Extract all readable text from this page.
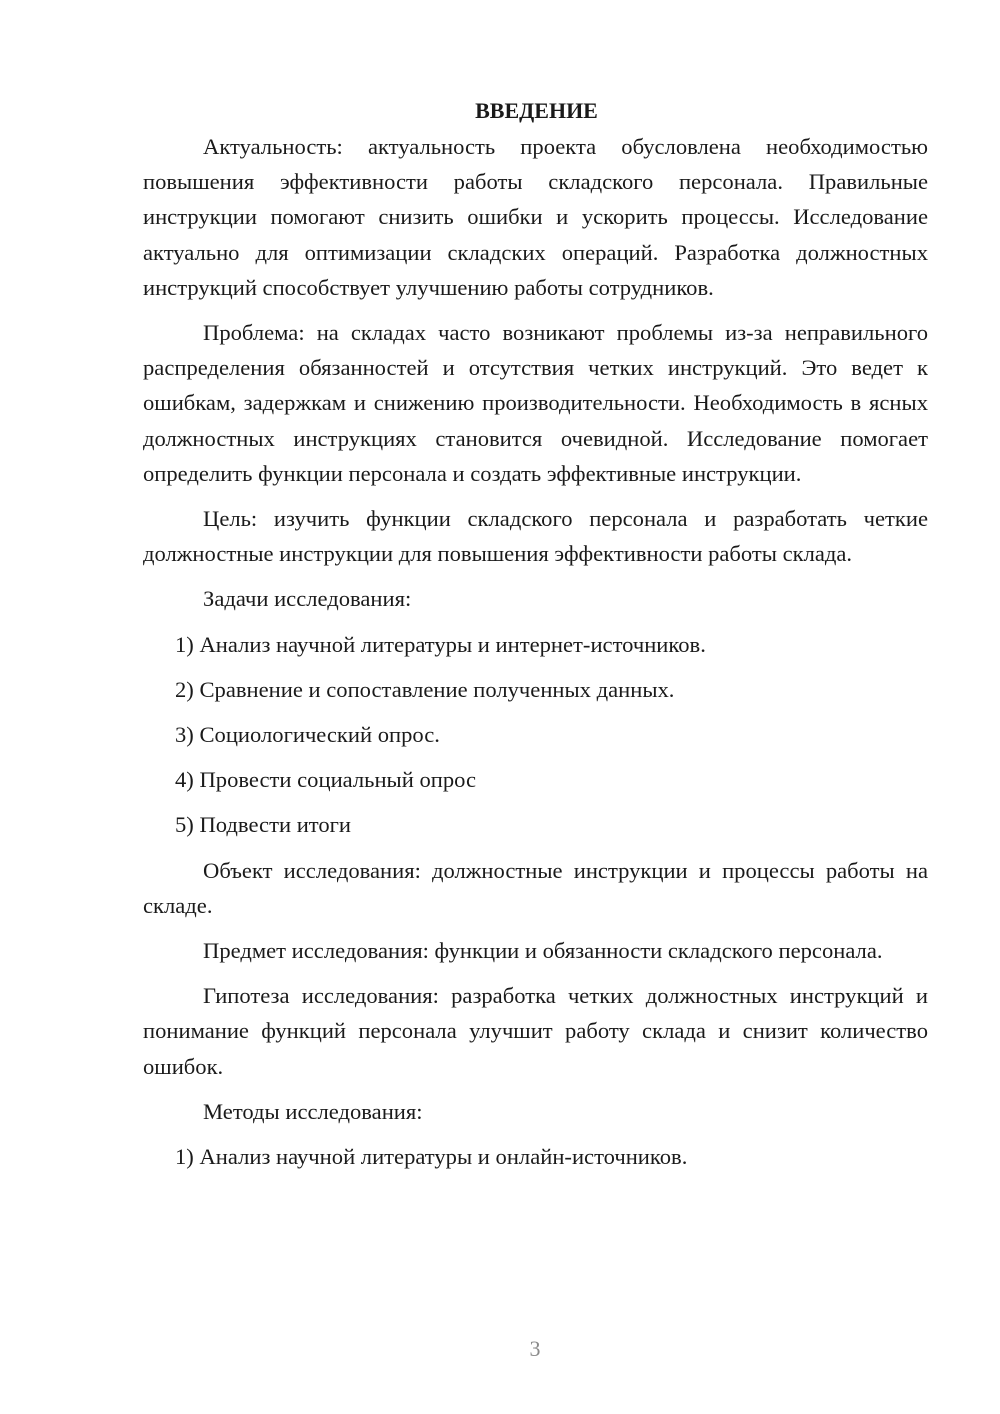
ВВЕДЕНИЕ

Актуальность: актуальность проекта обусловлена необходимостью повышения эффективности работы складского персонала. Правильные инструкции помогают снизить ошибки и ускорить процессы. Исследование актуально для оптимизации складских операций. Разработка должностных инструкций способствует улучшению работы сотрудников.

Проблема: на складах часто возникают проблемы из-за неправильного распределения обязанностей и отсутствия четких инструкций. Это ведет к ошибкам, задержкам и снижению производительности. Необходимость в ясных должностных инструкциях становится очевидной. Исследование помогает определить функции персонала и создать эффективные инструкции.

Цель: изучить функции складского персонала и разработать четкие должностные инструкции для повышения эффективности работы склада.

Задачи исследования:

1) Анализ научной литературы и интернет-источников.

2) Сравнение и сопоставление полученных данных.

3) Социологический опрос.

4) Провести социальный опрос

5) Подвести итоги

Объект исследования: должностные инструкции и процессы работы на складе.

Предмет исследования: функции и обязанности складского персонала.

Гипотеза исследования: разработка четких должностных инструкций и понимание функций персонала улучшит работу склада и снизит количество ошибок.

Методы исследования:

1) Анализ научной литературы и онлайн-источников.

3
